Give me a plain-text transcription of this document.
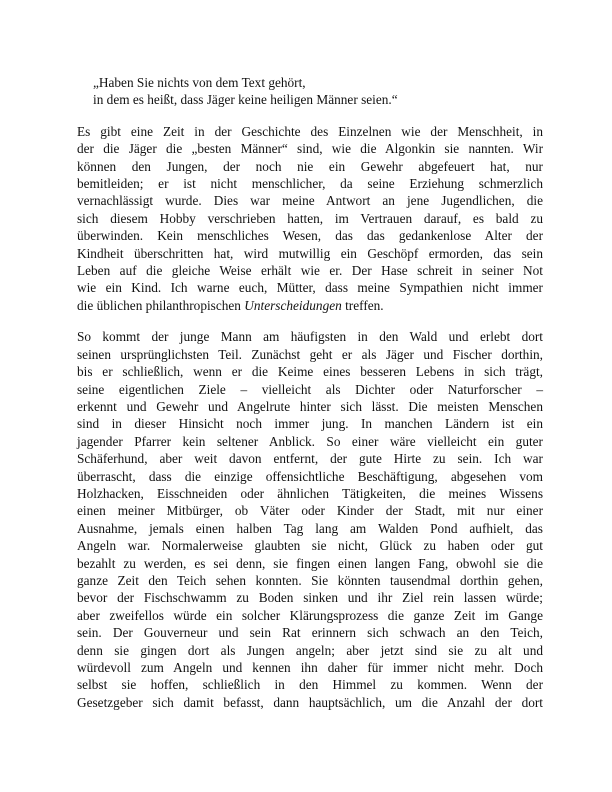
„Haben Sie nichts von dem Text gehört,
in dem es heißt, dass Jäger keine heiligen Männer seien.“
Es gibt eine Zeit in der Geschichte des Einzelnen wie der Menschheit, in
der die Jäger die „besten Männer“ sind, wie die Algonkin sie nannten. Wir
können den Jungen, der noch nie ein Gewehr abgefeuert hat, nur
bemitleiden; er ist nicht menschlicher, da seine Erziehung schmerzlich
vernachlässigt wurde. Dies war meine Antwort an jene Jugendlichen, die
sich diesem Hobby verschrieben hatten, im Vertrauen darauf, es bald zu
überwinden. Kein menschliches Wesen, das das gedankenlose Alter der
Kindheit überschritten hat, wird mutwillig ein Geschöpf ermorden, das sein
Leben auf die gleiche Weise erhält wie er. Der Hase schreit in seiner Not
wie ein Kind. Ich warne euch, Mütter, dass meine Sympathien nicht immer
die üblichen philanthropischen Unterscheidungen treffen.
So kommt der junge Mann am häufigsten in den Wald und erlebt dort
seinen ursprünglichsten Teil. Zunächst geht er als Jäger und Fischer dorthin,
bis er schließlich, wenn er die Keime eines besseren Lebens in sich trägt,
seine eigentlichen Ziele – vielleicht als Dichter oder Naturforscher –
erkennt und Gewehr und Angelrute hinter sich lässt. Die meisten Menschen
sind in dieser Hinsicht noch immer jung. In manchen Ländern ist ein
jagender Pfarrer kein seltener Anblick. So einer wäre vielleicht ein guter
Schäferhund, aber weit davon entfernt, der gute Hirte zu sein. Ich war
überrascht, dass die einzige offensichtliche Beschäftigung, abgesehen vom
Holzhacken, Eisschneiden oder ähnlichen Tätigkeiten, die meines Wissens
einen meiner Mitbürger, ob Väter oder Kinder der Stadt, mit nur einer
Ausnahme, jemals einen halben Tag lang am Walden Pond aufhielt, das
Angeln war. Normalerweise glaubten sie nicht, Glück zu haben oder gut
bezahlt zu werden, es sei denn, sie fingen einen langen Fang, obwohl sie die
ganze Zeit den Teich sehen konnten. Sie könnten tausendmal dorthin gehen,
bevor der Fischschwamm zu Boden sinken und ihr Ziel rein lassen würde;
aber zweifellos würde ein solcher Klärungsprozess die ganze Zeit im Gange
sein. Der Gouverneur und sein Rat erinnern sich schwach an den Teich,
denn sie gingen dort als Jungen angeln; aber jetzt sind sie zu alt und
würdevoll zum Angeln und kennen ihn daher für immer nicht mehr. Doch
selbst sie hoffen, schließlich in den Himmel zu kommen. Wenn der
Gesetzgeber sich damit befasst, dann hauptsächlich, um die Anzahl der dort
